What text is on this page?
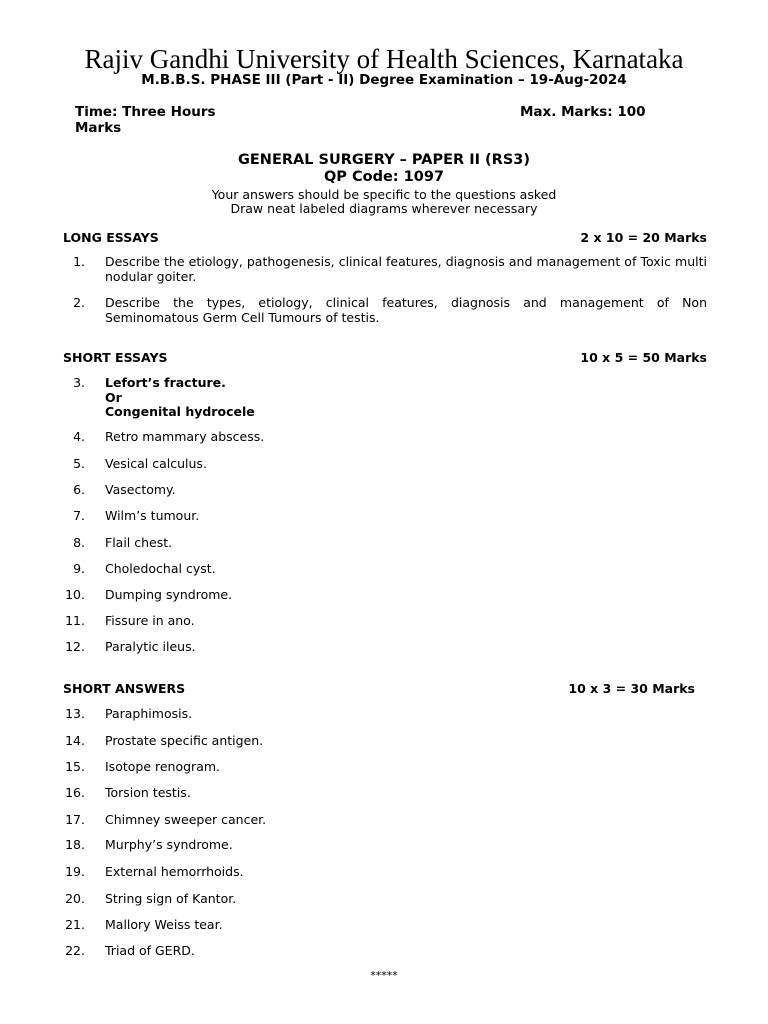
Rajiv Gandhi University of Health Sciences, Karnataka
M.B.B.S. PHASE III (Part - II) Degree Examination – 19-Aug-2024
Time: Three Hours
Marks
Max. Marks: 100
GENERAL SURGERY – PAPER II (RS3)
QP Code: 1097
Your answers should be specific to the questions asked
Draw neat labeled diagrams wherever necessary
LONG ESSAYS	2 x 10 = 20 Marks
1. Describe the etiology, pathogenesis, clinical features, diagnosis and management of Toxic multi nodular goiter.
2. Describe the types, etiology, clinical features, diagnosis and management of Non Seminomatous Germ Cell Tumours of testis.
SHORT ESSAYS	10 x 5 = 50 Marks
3. Lefort’s fracture.
Or
Congenital hydrocele
4. Retro mammary abscess.
5. Vesical calculus.
6. Vasectomy.
7. Wilm’s tumour.
8. Flail chest.
9. Choledochal cyst.
10. Dumping syndrome.
11. Fissure in ano.
12. Paralytic ileus.
SHORT ANSWERS	10 x 3 = 30 Marks
13. Paraphimosis.
14. Prostate specific antigen.
15. Isotope renogram.
16. Torsion testis.
17. Chimney sweeper cancer.
18. Murphy’s syndrome.
19. External hemorrhoids.
20. String sign of Kantor.
21. Mallory Weiss tear.
22. Triad of GERD.
*****
